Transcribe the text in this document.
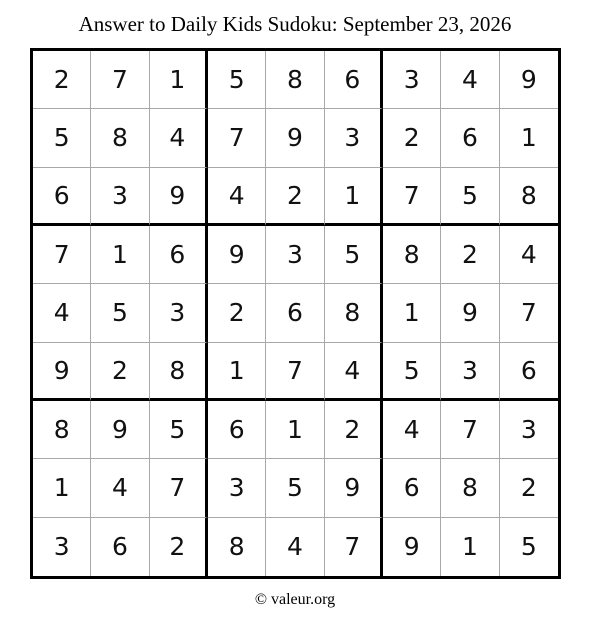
Answer to Daily Kids Sudoku: September 23, 2026
2	7	1	5	8	6	3	4	9
5	8	4	7	9	3	2	6	1
6	3	9	4	2	1	7	5	8
7	1	6	9	3	5	8	2	4
4	5	3	2	6	8	1	9	7
9	2	8	1	7	4	5	3	6
8	9	5	6	1	2	4	7	3
1	4	7	3	5	9	6	8	2
3	6	2	8	4	7	9	1	5
© valeur.org
